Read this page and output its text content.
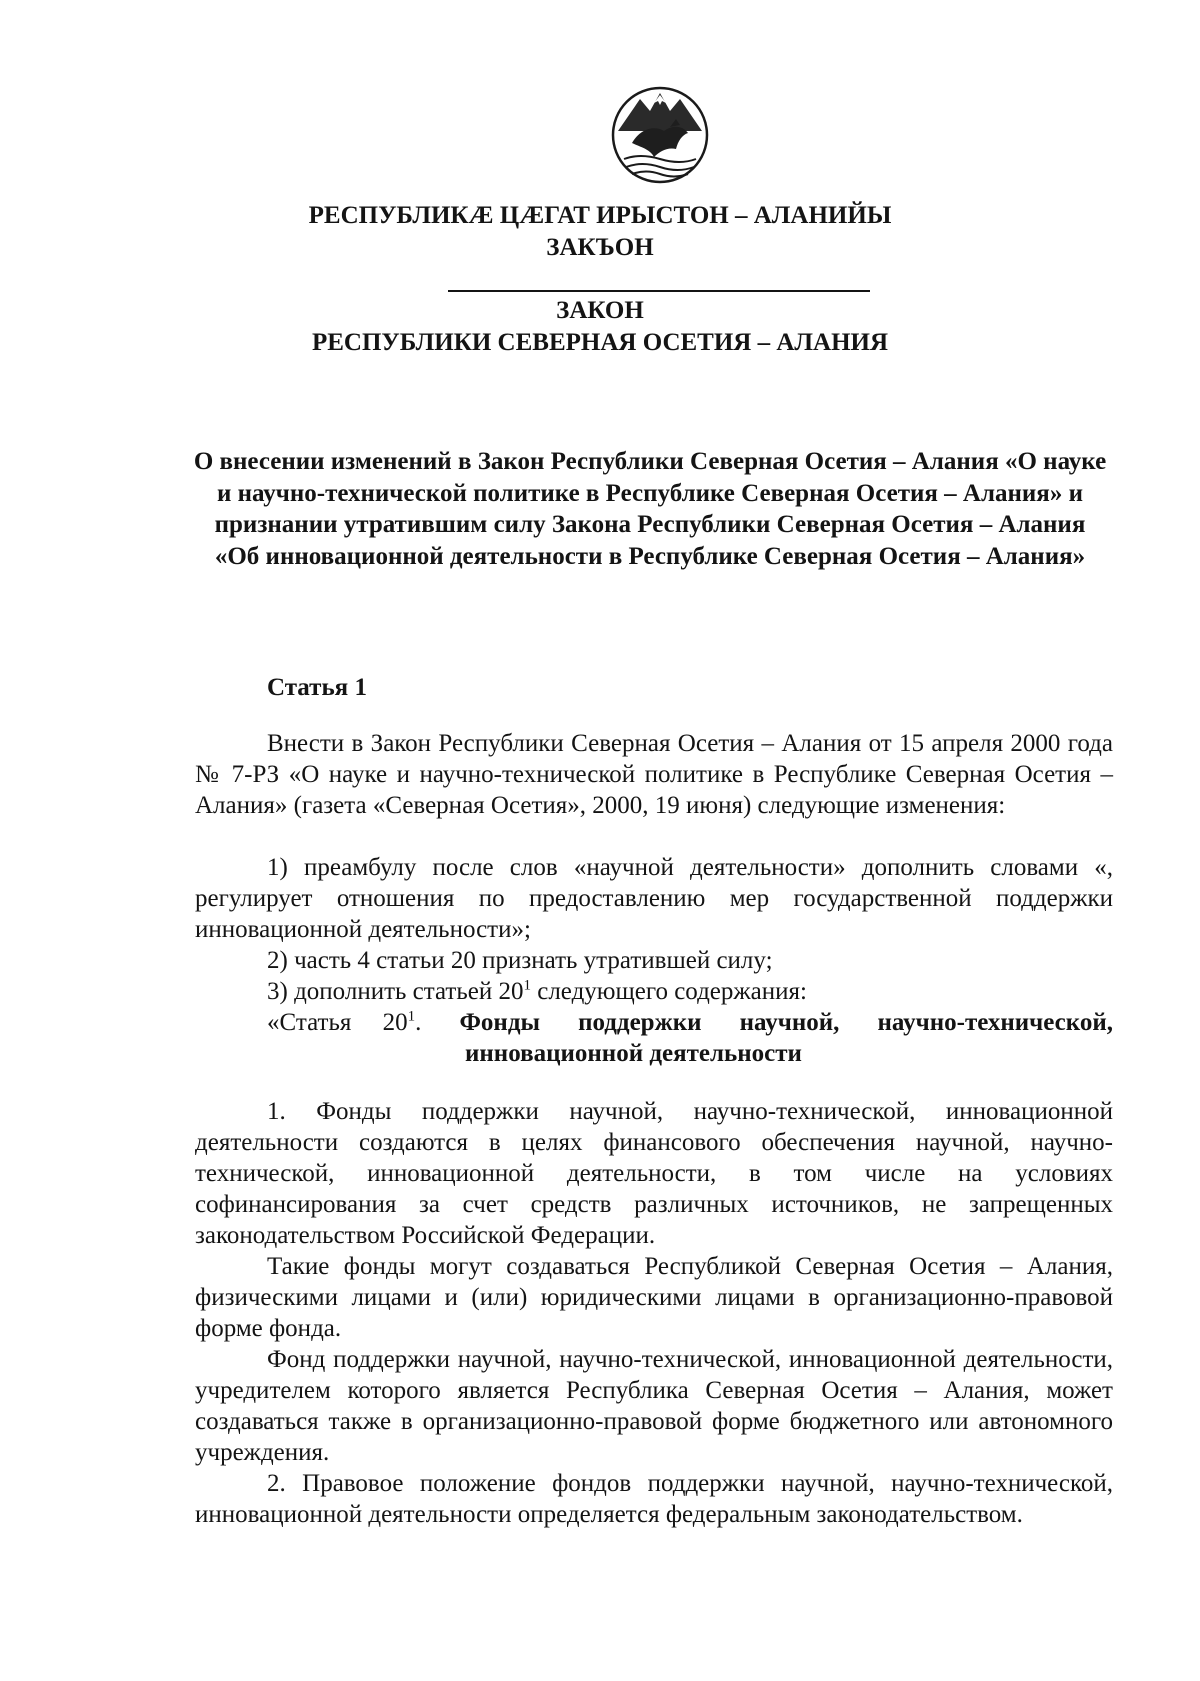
РЕСПУБЛИКӔ ЦӔГАТ ИРЫСТОН – АЛАНИЙЫ
ЗАКЪОН
ЗАКОН
РЕСПУБЛИКИ СЕВЕРНАЯ ОСЕТИЯ – АЛАНИЯ
О внесении изменений в Закон Республики Северная Осетия – Алания «О науке и научно-технической политике в Республике Северная Осетия – Алания» и признании утратившим силу Закона Республики Северная Осетия – Алания «Об инновационной деятельности в Республике Северная Осетия – Алания»
Статья 1
Внести в Закон Республики Северная Осетия – Алания от 15 апреля 2000 года № 7-РЗ «О науке и научно-технической политике в Республике Северная Осетия – Алания» (газета «Северная Осетия», 2000, 19 июня) следующие изменения:
1) преамбулу после слов «научной деятельности» дополнить словами «, регулирует отношения по предоставлению мер государственной поддержки инновационной деятельности»;
2) часть 4 статьи 20 признать утратившей силу;
3) дополнить статьей $20^1$ следующего содержания:
«Статья $20^1$. Фонды поддержки научной, научно-технической,
инновационной деятельности
1. Фонды поддержки научной, научно-технической, инновационной деятельности создаются в целях финансового обеспечения научной, научно-технической, инновационной деятельности, в том числе на условиях софинансирования за счет средств различных источников, не запрещенных законодательством Российской Федерации.
Такие фонды могут создаваться Республикой Северная Осетия – Алания, физическими лицами и (или) юридическими лицами в организационно-правовой форме фонда.
Фонд поддержки научной, научно-технической, инновационной деятельности, учредителем которого является Республика Северная Осетия – Алания, может создаваться также в организационно-правовой форме бюджетного или автономного учреждения.
2. Правовое положение фондов поддержки научной, научно-технической, инновационной деятельности определяется федеральным законодательством.
